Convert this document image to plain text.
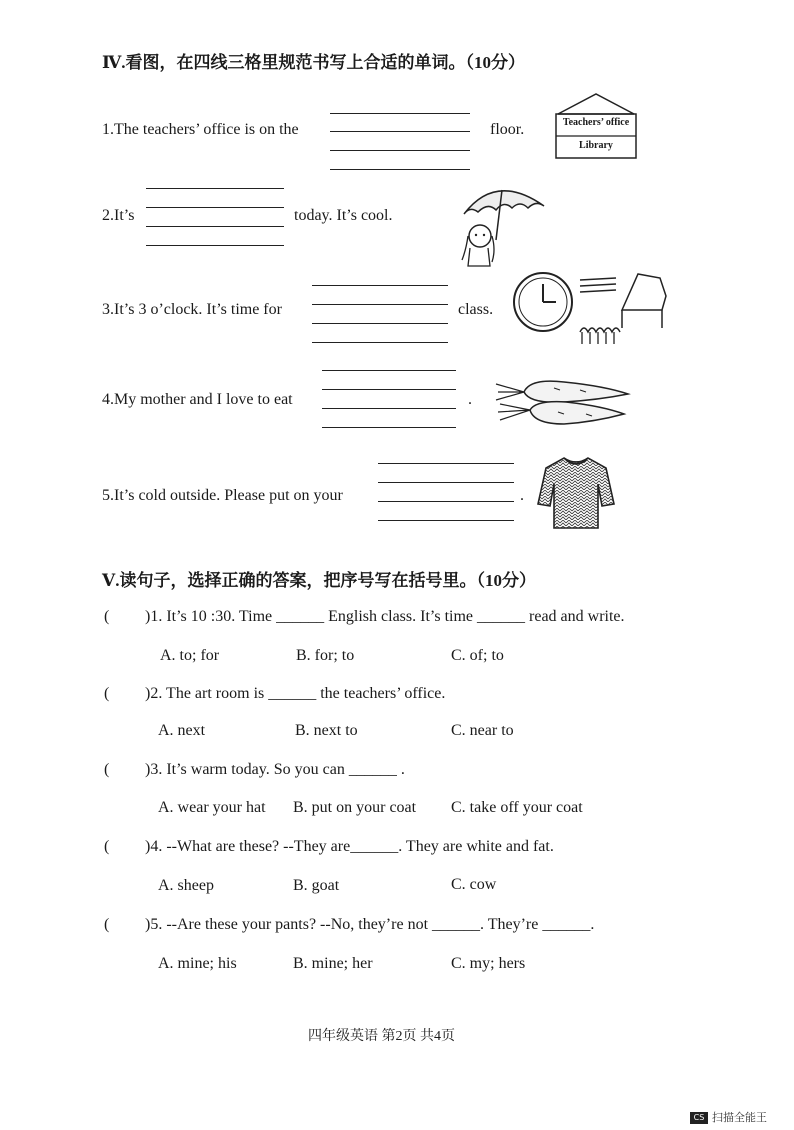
Ⅳ.看图，在四线三格里规范书写上合适的单词。（10分）
1.The teachers’ office is on the	floor.	Teachers’ office
Library
2.It’s	today. It’s cool.
3.It’s 3 o’clock. It’s time for	class.
4.My mother and I love to eat	.
5.It’s cold outside. Please put on your	.
Ⅴ.读句子，选择正确的答案，把序号写在括号里。（10分）
( )1. It’s 10 :30. Time ______ English class. It’s time ______ read and write.
A. to; for	B. for; to	C. of; to
( )2. The art room is ______ the teachers’ office.
A. next	B. next to	C. near to
( )3. It’s warm today. So you can ______ .
A. wear your hat B. put on your coat C. take off your coat
( )4. --What are these? --They are______. They are white and fat.
A. sheep	B. goat	C. cow
( )5. --Are these your pants? --No, they’re not ______. They’re ______.
A. mine; his	B. mine; her	C. my; hers
四年级英语 第2页 共4页
CS $^{扫描全能王}$
